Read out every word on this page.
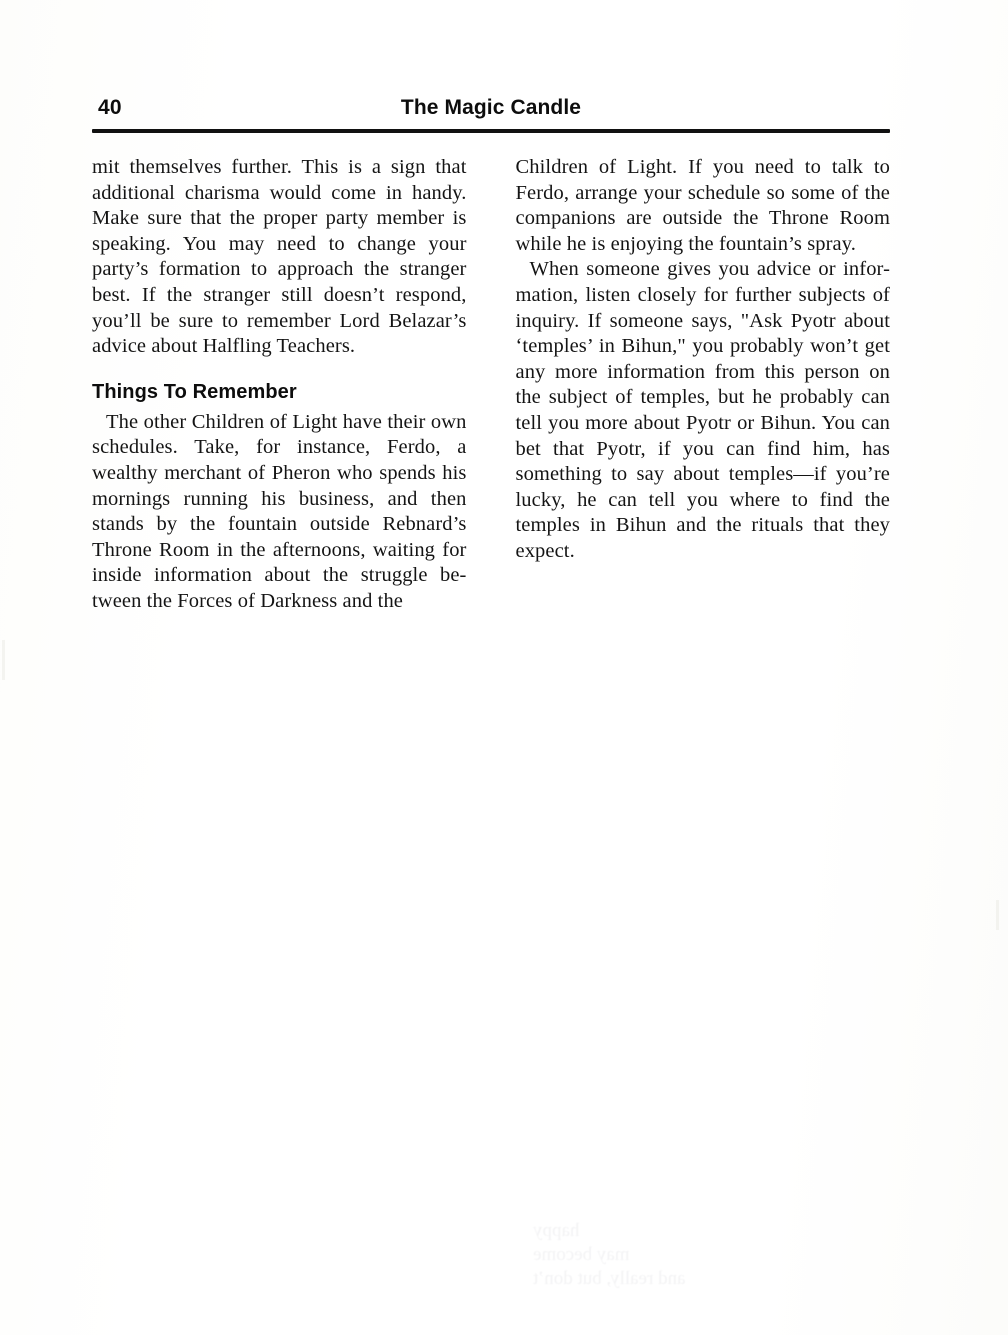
40	The Magic Candle

mit themselves further. This is a sign that additional charisma would come in handy. Make sure that the proper party member is speaking. You may need to change your party’s formation to approach the stranger best. If the stranger still doesn’t respond, you’ll be sure to remember Lord Belazar’s advice about Halfling Teachers.

Things To Remember

The other Children of Light have their own schedules. Take, for instance, Ferdo, a wealthy merchant of Pheron who spends his mornings running his business, and then stands by the fountain outside Rebnard’s Throne Room in the afternoons, waiting for inside information about the struggle be-tween the Forces of Darkness and the

Children of Light. If you need to talk to Ferdo, arrange your schedule so some of the companions are outside the Throne Room while he is enjoying the fountain’s spray.

When someone gives you advice or infor-mation, listen closely for further subjects of inquiry. If someone says, "Ask Pyotr about ‘temples’ in Bihun," you probably won’t get any more information from this person on the subject of temples, but he probably can tell you more about Pyotr or Bihun. You can bet that Pyotr, if you can find him, has something to say about temples—if you’re lucky, he can tell you where to find the temples in Bihun and the rituals that they expect.

happy
may become
and really, but don’t
